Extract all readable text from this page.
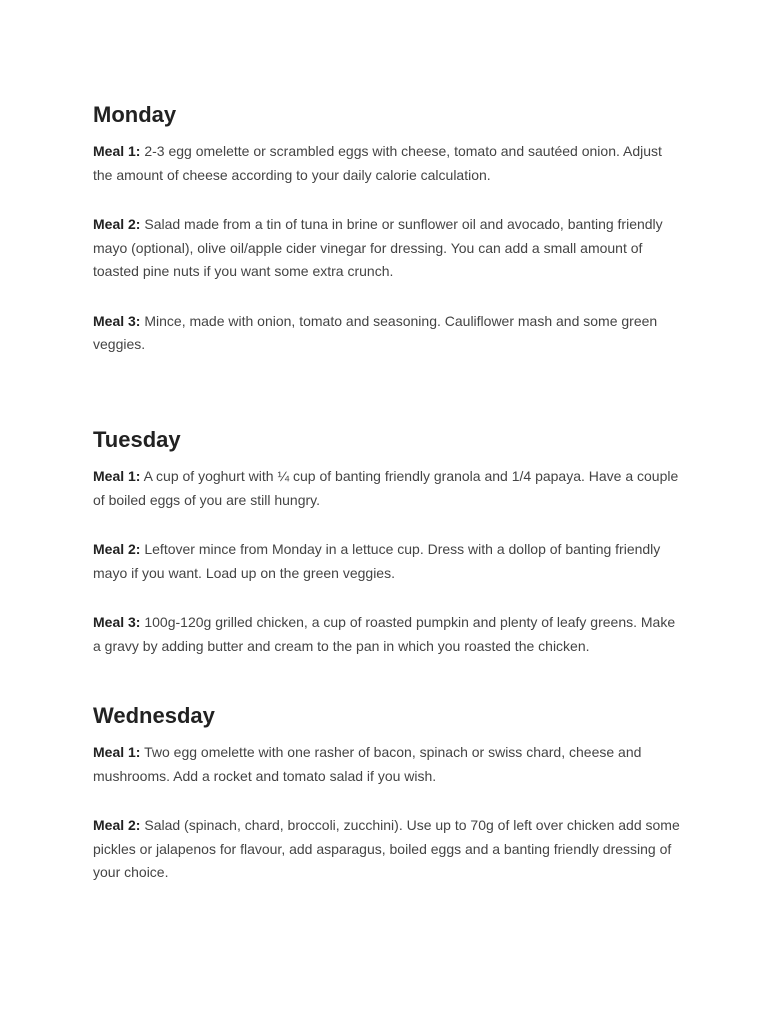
Monday

Meal 1: 2-3 egg omelette or scrambled eggs with cheese, tomato and sautéed onion. Adjust the amount of cheese according to your daily calorie calculation.

Meal 2: Salad made from a tin of tuna in brine or sunflower oil and avocado, banting friendly mayo (optional), olive oil/apple cider vinegar for dressing. You can add a small amount of toasted pine nuts if you want some extra crunch.

Meal 3: Mince, made with onion, tomato and seasoning. Cauliflower mash and some green veggies.

Tuesday

Meal 1: A cup of yoghurt with ¼ cup of banting friendly granola and 1/4 papaya. Have a couple of boiled eggs of you are still hungry.

Meal 2: Leftover mince from Monday in a lettuce cup. Dress with a dollop of banting friendly mayo if you want. Load up on the green veggies.

Meal 3: 100g-120g grilled chicken, a cup of roasted pumpkin and plenty of leafy greens. Make a gravy by adding butter and cream to the pan in which you roasted the chicken.

Wednesday

Meal 1: Two egg omelette with one rasher of bacon, spinach or swiss chard, cheese and mushrooms. Add a rocket and tomato salad if you wish.

Meal 2: Salad (spinach, chard, broccoli, zucchini). Use up to 70g of left over chicken add some pickles or jalapenos for flavour, add asparagus, boiled eggs and a banting friendly dressing of your choice.
